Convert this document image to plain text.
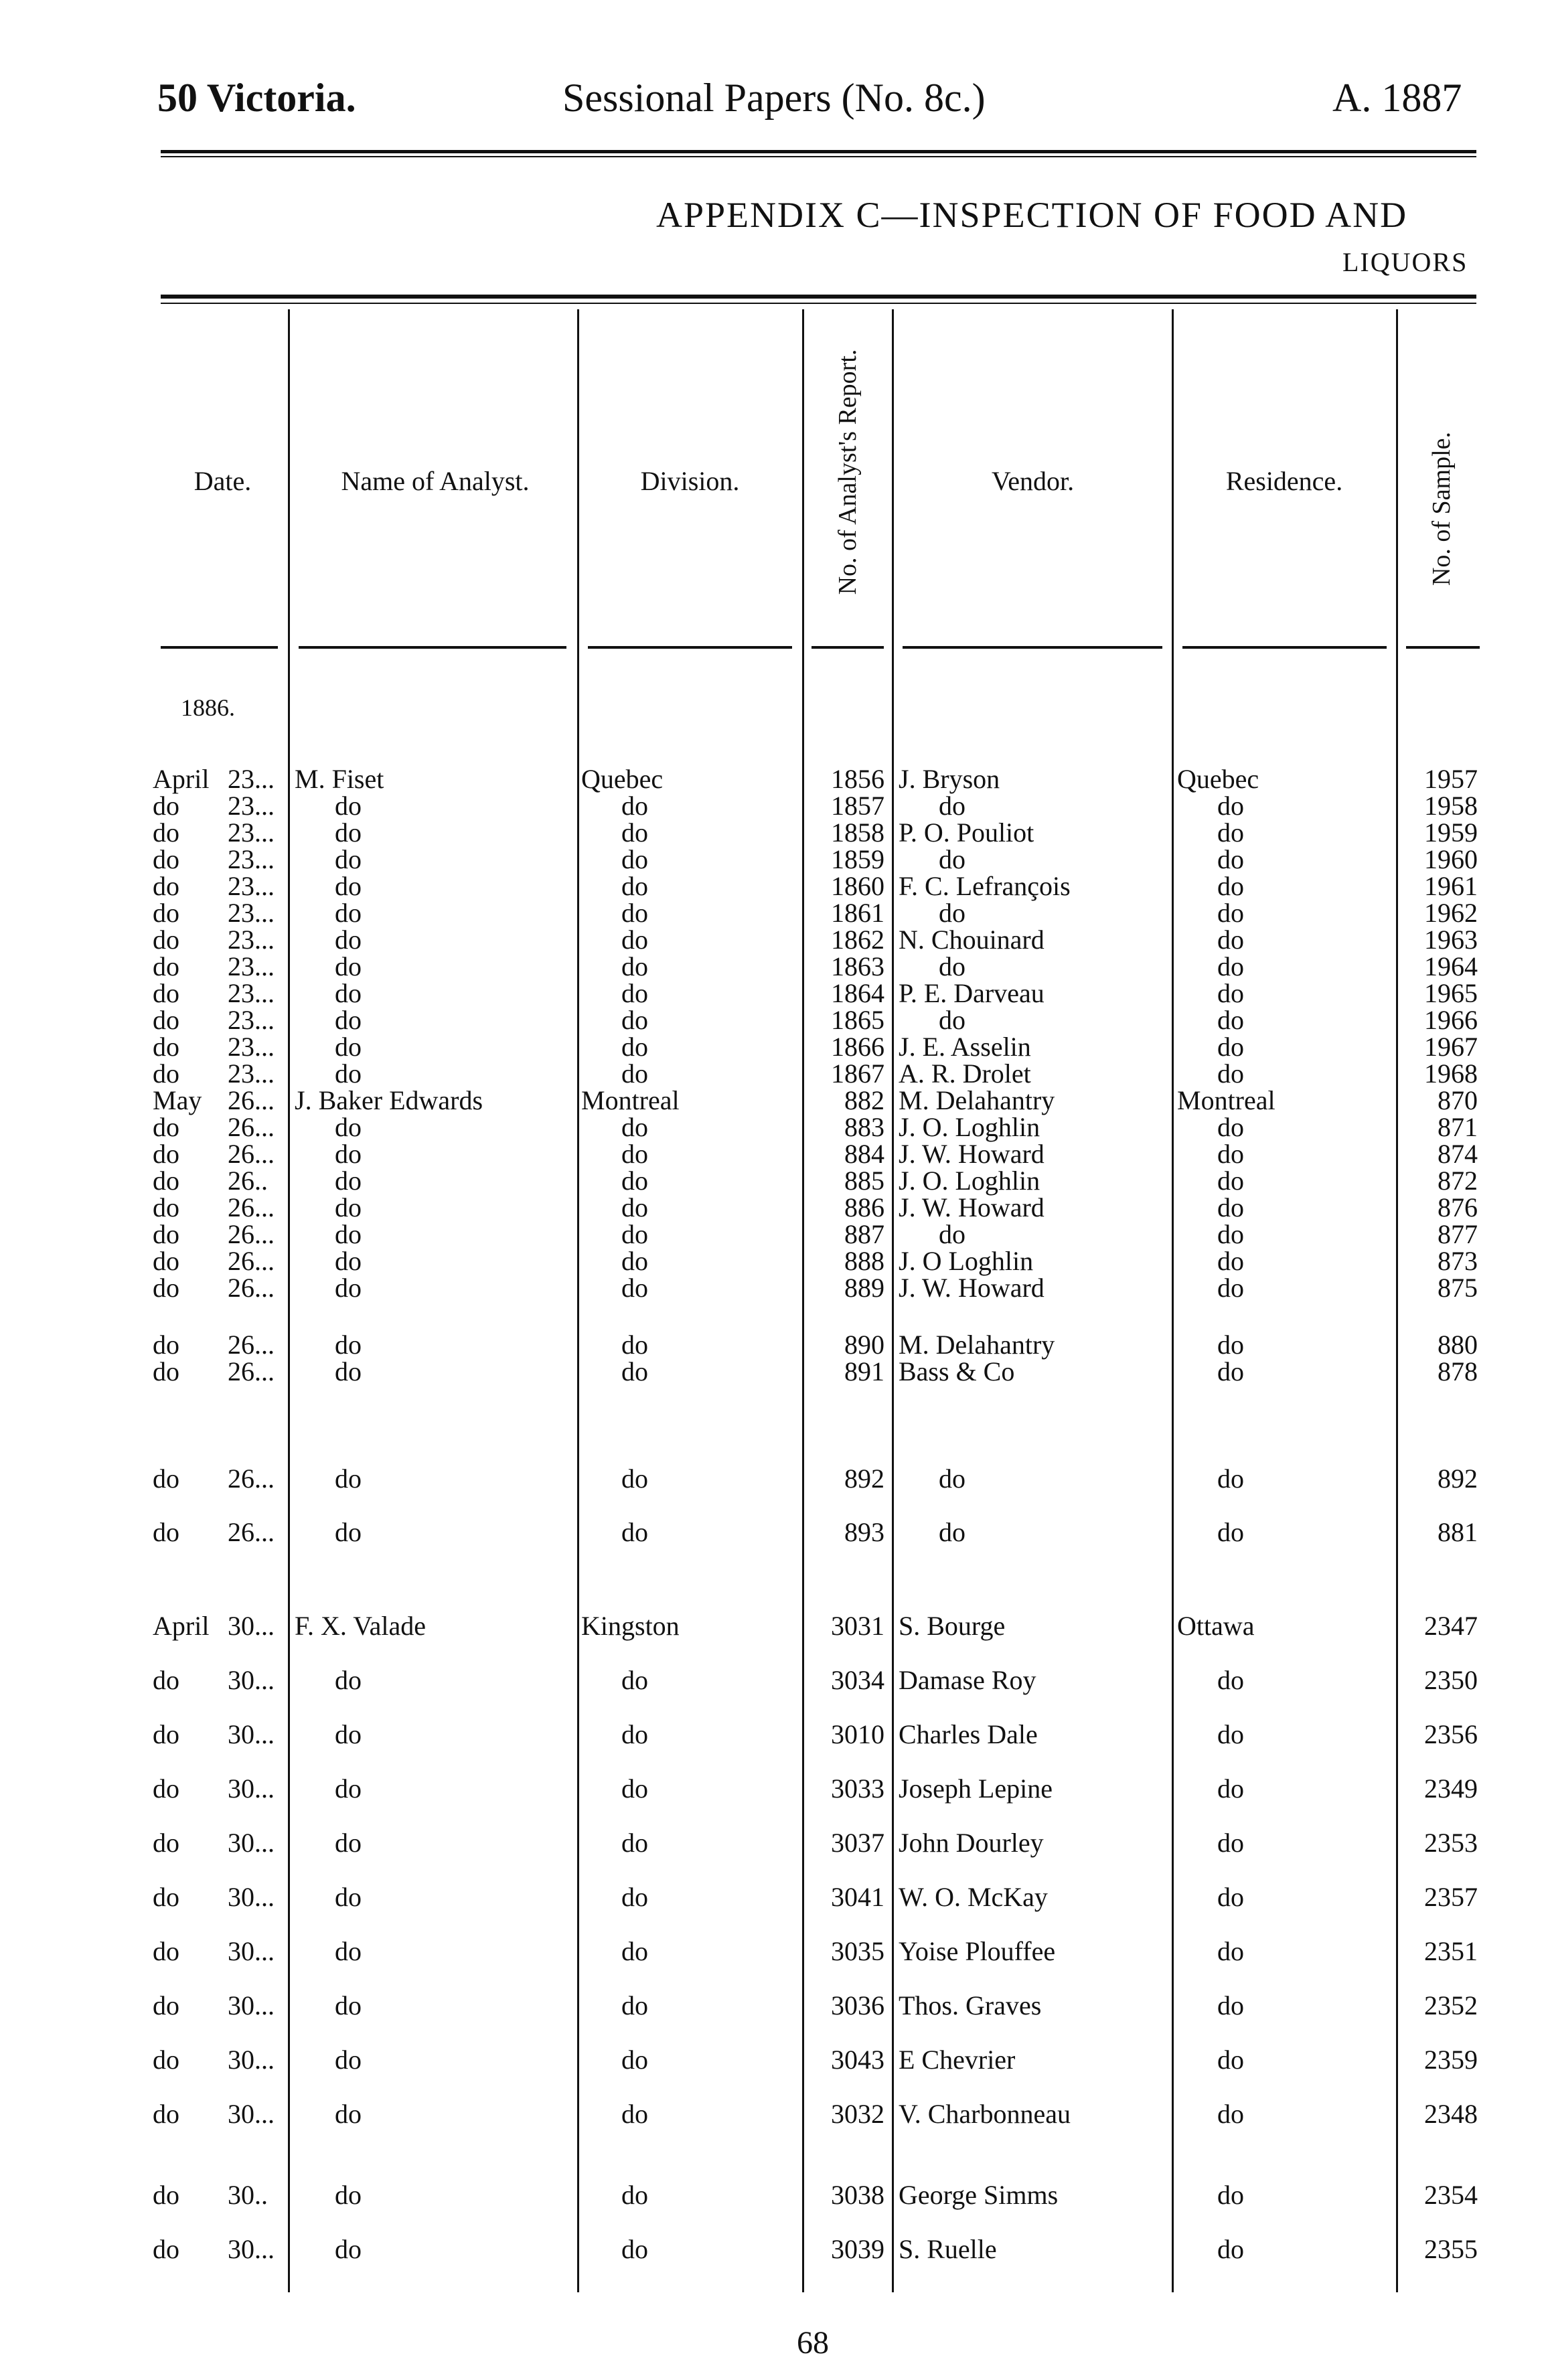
50 Victoria.	Sessional Papers (No. 8c.)	A. 1887
APPENDIX C—INSPECTION OF FOOD AND
LIQUORS
Date.	Name of Analyst.	Division.	No. of Analyst's Report.	Vendor.	Residence.	No. of Sample.
1886.
April 23... M. Fiset	Quebec	1856 J. Bryson	Quebec	1957
do	23...	do	do	1857	do	do	1958
do	23...	do	do	1858 P. O. Pouliot	do	1959
do	23...	do	do	1859	do	do	1960
do	23...	do	do	1860 F. C. Lefrançois	do	1961
do	23...	do	do	1861	do	do	1962
do	23...	do	do	1862 N. Chouinard	do	1963
do	23...	do	do	1863	do	do	1964
do	23...	do	do	1864 P. E. Darveau	do	1965
do	23...	do	do	1865	do	do	1966
do	23...	do	do	1866 J. E. Asselin	do	1967
do	23...	do	do	1867 A. R. Drolet	do	1968
May 26... J. Baker Edwards	Montreal	882 M. Delahantry	Montreal	870
do	26...	do	do	883 J. O. Loghlin	do	871
do	26...	do	do	884 J. W. Howard	do	874
do	26..	do	do	885 J. O. Loghlin	do	872
do	26...	do	do	886 J. W. Howard	do	876
do	26...	do	do	887	do	do	877
do	26...	do	do	888 J. O Loghlin	do	873
do	26...	do	do	889 J. W. Howard	do	875
do	26...	do	do	890 M. Delahantry	do	880
do	26...	do	do	891 Bass & Co	do	878
do	26...	do	do	892	do	do	892
do	26...	do	do	893	do	do	881
April 30... F. X. Valade	Kingston	3031 S. Bourge	Ottawa	2347
do	30...	do	do	3034 Damase Roy	do	2350
do	30...	do	do	3010 Charles Dale	do	2356
do	30...	do	do	3033 Joseph Lepine	do	2349
do	30...	do	do	3037 John Dourley	do	2353
do	30...	do	do	3041 W. O. McKay	do	2357
do	30...	do	do	3035 Yoise Plouffee	do	2351
do	30...	do	do	3036 Thos. Graves	do	2352
do	30...	do	do	3043 E Chevrier	do	2359
do	30...	do	do	3032 V. Charbonneau	do	2348
do	30..	do	do	3038 George Simms	do	2354
do	30...	do	do	3039 S. Ruelle	do	2355
68
